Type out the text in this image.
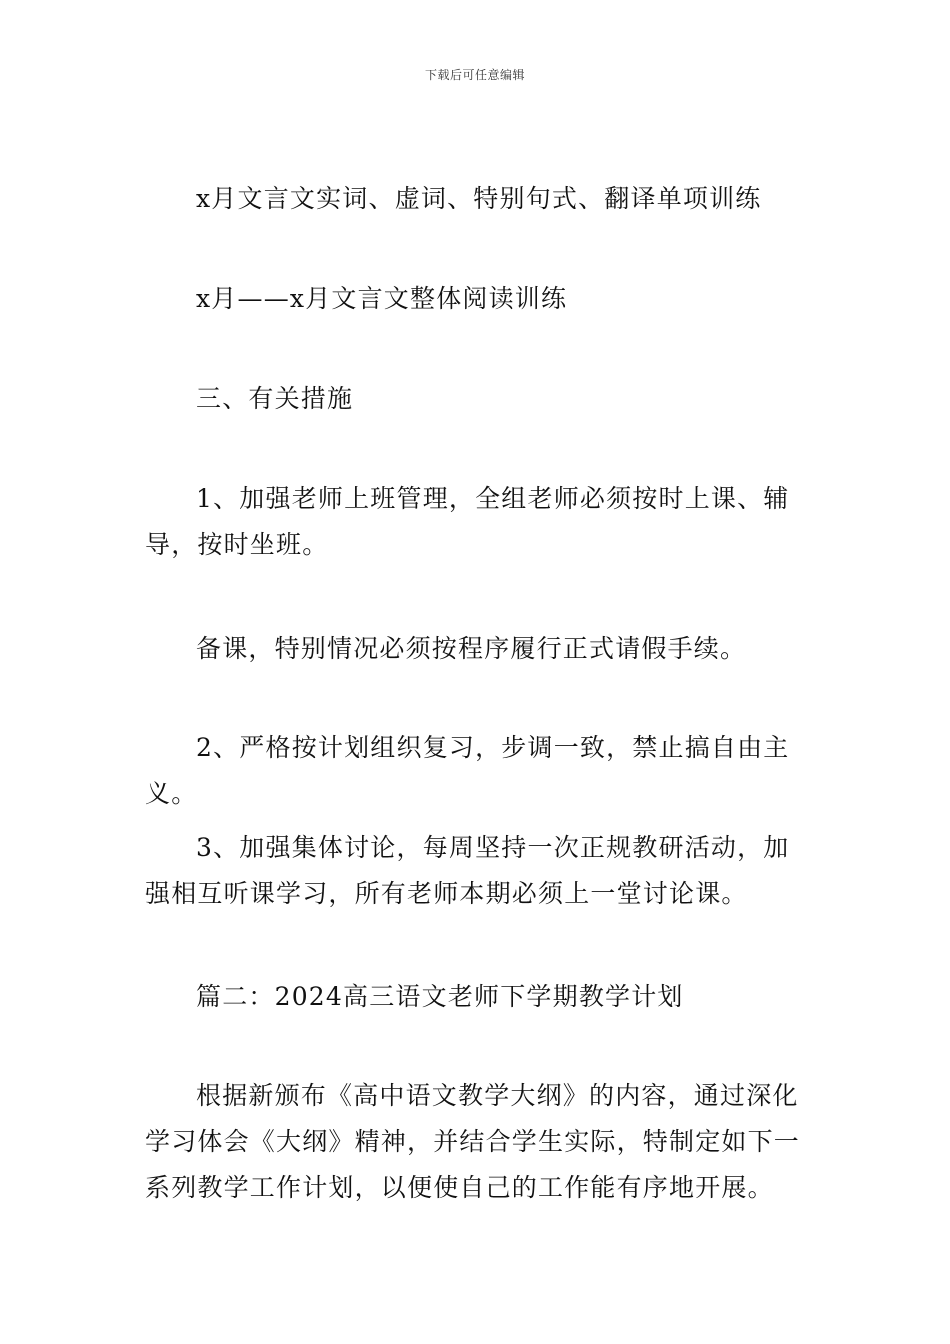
下载后可任意编辑

x月文言文实词、虚词、特别句式、翻译单项训练

x月——x月文言文整体阅读训练

三、有关措施

1、加强老师上班管理，全组老师必须按时上课、辅导，按时坐班。

备课，特别情况必须按程序履行正式请假手续。

2、严格按计划组织复习，步调一致，禁止搞自由主义。

3、加强集体讨论，每周坚持一次正规教研活动，加强相互听课学习，所有老师本期必须上一堂讨论课。

篇二：2024高三语文老师下学期教学计划

根据新颁布《高中语文教学大纲》的内容，通过深化学习体会《大纲》精神，并结合学生实际，特制定如下一系列教学工作计划，以便使自己的工作能有序地开展。
